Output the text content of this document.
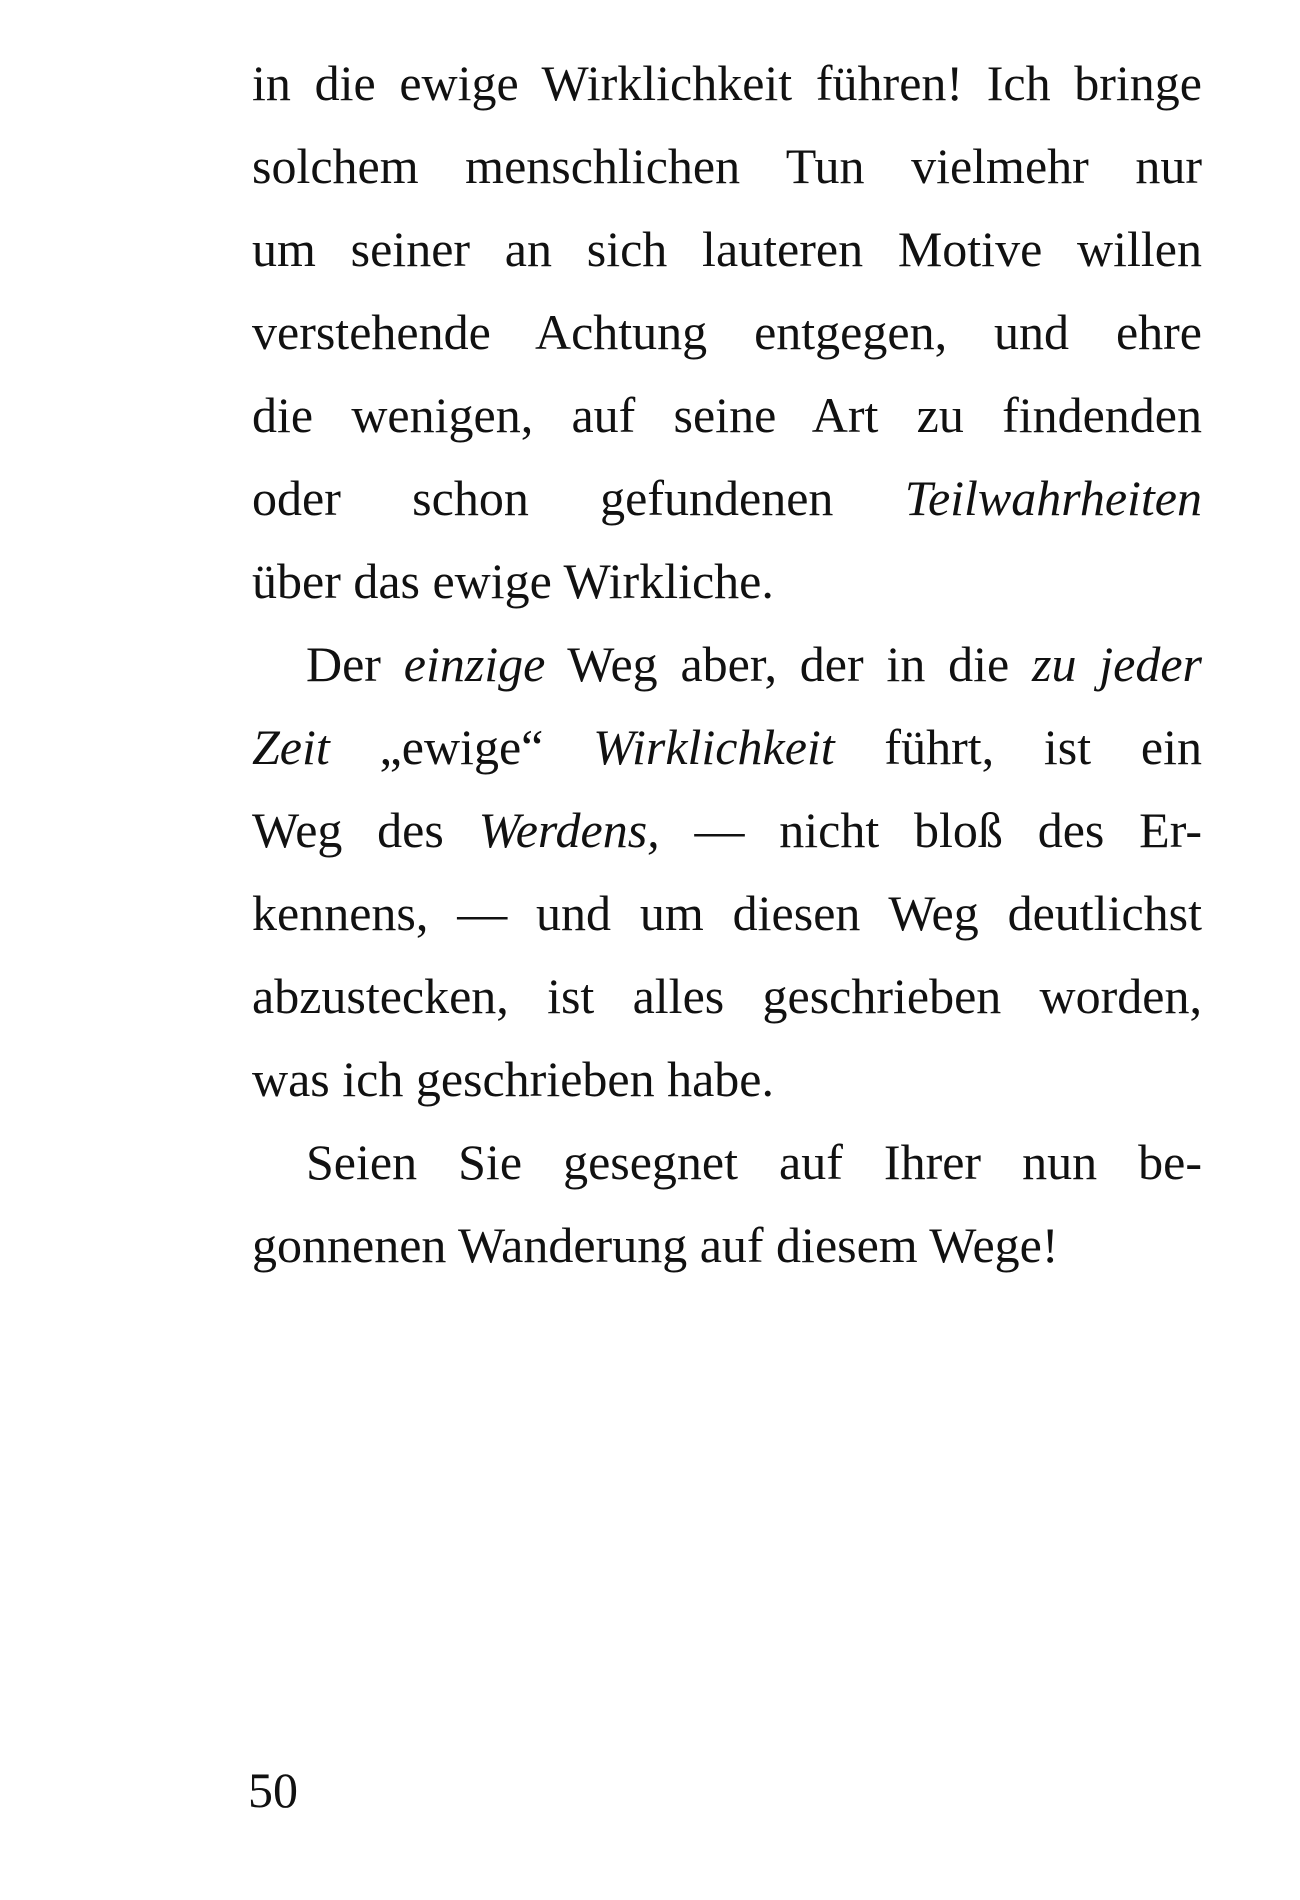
in die ewige Wirklichkeit führen! Ich bringe
solchem menschlichen Tun vielmehr nur
um seiner an sich lauteren Motive willen
verstehende Achtung entgegen, und ehre
die wenigen, auf seine Art zu findenden
oder schon gefundenen Teilwahrheiten
über das ewige Wirkliche.
Der einzige Weg aber, der in die zu jeder
Zeit „ewige“ Wirklichkeit führt, ist ein
Weg des Werdens, — nicht bloß des Er-
kennens, — und um diesen Weg deutlichst
abzustecken, ist alles geschrieben worden,
was ich geschrieben habe.
Seien Sie gesegnet auf Ihrer nun be-
gonnenen Wanderung auf diesem Wege!
50
